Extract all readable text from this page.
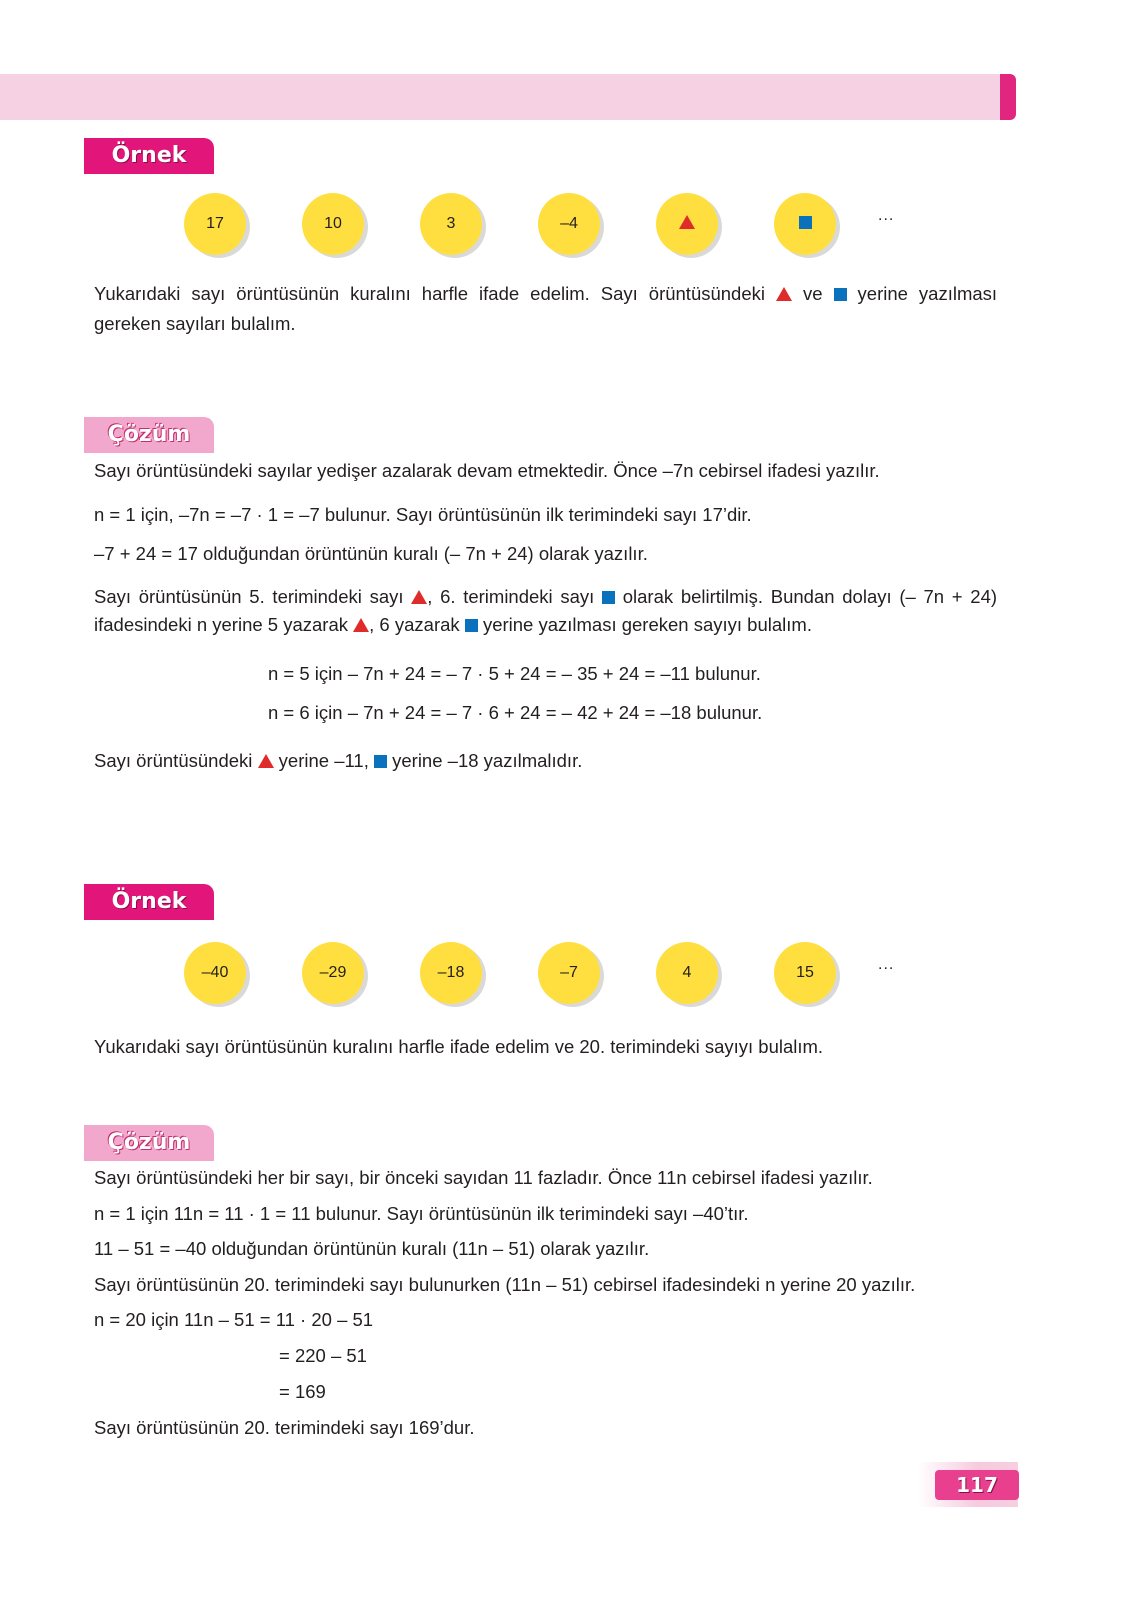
Örnek
17	10	3	–4	...
Yukarıdaki sayı örüntüsünün kuralını harfle ifade edelim. Sayı örüntüsündeki ve yerine yazılması
gereken sayıları bulalım.
Çözüm
Sayı örüntüsündeki sayılar yedişer azalarak devam etmektedir. Önce –7n cebirsel ifadesi yazılır.
n = 1 için, –7n = –7 · 1 = –7 bulunur. Sayı örüntüsünün ilk terimindeki sayı 17’dir.
–7 + 24 = 17 olduğundan örüntünün kuralı (– 7n + 24) olarak yazılır.
Sayı örüntüsünün 5. terimindeki sayı , 6. terimindeki sayı olarak belirtilmiş. Bundan dolayı (– 7n + 24)
ifadesindeki n yerine 5 yazarak , 6 yazarak yerine yazılması gereken sayıyı bulalım.
n = 5 için – 7n + 24 = – 7 · 5 + 24 = – 35 + 24 = –11 bulunur.
n = 6 için – 7n + 24 = – 7 · 6 + 24 = – 42 + 24 = –18 bulunur.
Sayı örüntüsündeki yerine –11, yerine –18 yazılmalıdır.
Örnek
–40	–29	–18	–7	4	15	...
Yukarıdaki sayı örüntüsünün kuralını harfle ifade edelim ve 20. terimindeki sayıyı bulalım.
Çözüm
Sayı örüntüsündeki her bir sayı, bir önceki sayıdan 11 fazladır. Önce 11n cebirsel ifadesi yazılır.
n = 1 için 11n = 11 · 1 = 11 bulunur. Sayı örüntüsünün ilk terimindeki sayı –40’tır.
11 – 51 = –40 olduğundan örüntünün kuralı (11n – 51) olarak yazılır.
Sayı örüntüsünün 20. terimindeki sayı bulunurken (11n – 51) cebirsel ifadesindeki n yerine 20 yazılır.
n = 20 için 11n – 51 = 11 · 20 – 51
= 220 – 51
= 169
Sayı örüntüsünün 20. terimindeki sayı 169’dur.
117
